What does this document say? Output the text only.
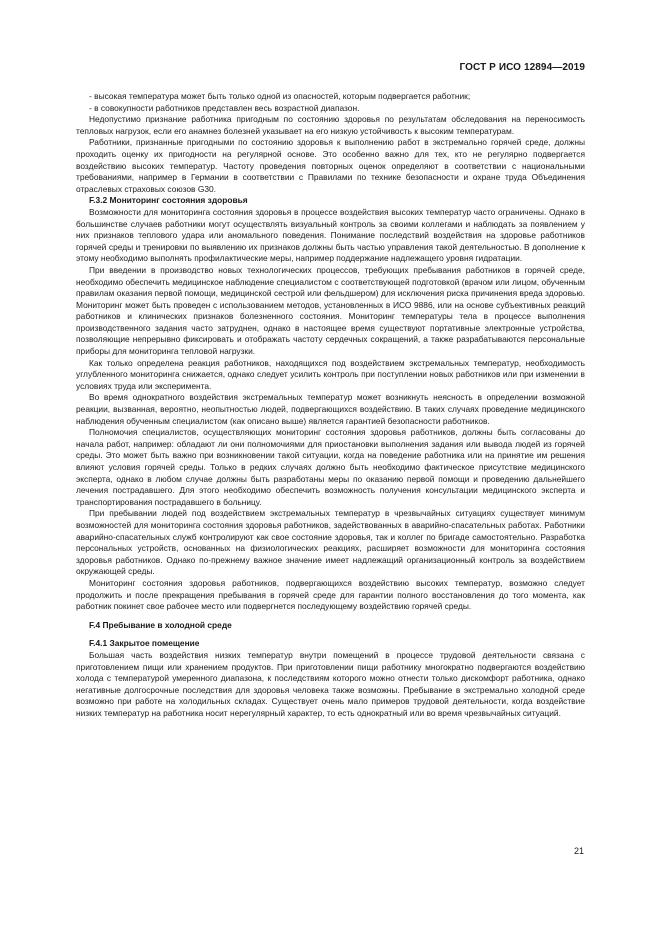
ГОСТ Р ИСО 12894—2019

- высокая температура может быть только одной из опасностей, которым подвергается работник;

- в совокупности работников представлен весь возрастной диапазон.

Недопустимо признание работника пригодным по состоянию здоровья по результатам обследования на переносимость тепловых нагрузок, если его анамнез болезней указывает на его низкую устойчивость к высоким температурам.

Работники, признанные пригодными по состоянию здоровья к выполнению работ в экстремально горячей среде, должны проходить оценку их пригодности на регулярной основе. Это особенно важно для тех, кто не регулярно подвергается воздействию высоких температур. Частоту проведения повторных оценок определяют в соответствии с национальными требованиями, например в Германии в соответствии с Правилами по технике безопасности и охране труда Объединения отраслевых страховых союзов G30.

F.3.2 Мониторинг состояния здоровья

Возможности для мониторинга состояния здоровья в процессе воздействия высоких температур часто ограничены. Однако в большинстве случаев работники могут осуществлять визуальный контроль за своими коллегами и наблюдать за появлением у них признаков теплового удара или аномального поведения. Понимание последствий воздействия на здоровье работников горячей среды и тренировки по выявлению их признаков должны быть частью управления такой деятельностью. В дополнение к этому необходимо выполнять профилактические меры, например поддержание надлежащего уровня гидратации.

При введении в производство новых технологических процессов, требующих пребывания работников в горячей среде, необходимо обеспечить медицинское наблюдение специалистом с соответствующей подготовкой (врачом или лицом, обученным правилам оказания первой помощи, медицинской сестрой или фельдшером) для исключения риска причинения вреда здоровью. Мониторинг может быть проведен с использованием методов, установленных в ИСО 9886, или на основе субъективных реакций работников и клинических признаков болезненного состояния. Мониторинг температуры тела в процессе выполнения производственного задания часто затруднен, однако в настоящее время существуют портативные электронные устройства, позволяющие непрерывно фиксировать и отображать частоту сердечных сокращений, а также разрабатываются персональные приборы для мониторинга тепловой нагрузки.

Как только определена реакция работников, находящихся под воздействием экстремальных температур, необходимость углубленного мониторинга снижается, однако следует усилить контроль при поступлении новых работников или при изменении в условиях труда или эксперимента.

Во время однократного воздействия экстремальных температур может возникнуть неясность в определении возможной реакции, вызванная, вероятно, неопытностью людей, подвергающихся воздействию. В таких случаях проведение медицинского наблюдения обученным специалистом (как описано выше) является гарантией безопасности работников.

Полномочия специалистов, осуществляющих мониторинг состояния здоровья работников, должны быть согласованы до начала работ, например: обладают ли они полномочиями для приостановки выполнения задания или вывода людей из горячей среды. Это может быть важно при возникновении такой ситуации, когда на поведение работника или на принятие им решения влияют условия горячей среды. Только в редких случаях должно быть необходимо фактическое присутствие медицинского эксперта, однако в любом случае должны быть разработаны меры по оказанию первой помощи и проведению дальнейшего лечения пострадавшего. Для этого необходимо обеспечить возможность получения консультации медицинского эксперта и транспортирования пострадавшего в больницу.

При пребывании людей под воздействием экстремальных температур в чрезвычайных ситуациях существует минимум возможностей для мониторинга состояния здоровья работников, задействованных в аварийно-спасательных работах. Работники аварийно-спасательных служб контролируют как свое состояние здоровья, так и коллег по бригаде самостоятельно. Разработка персональных устройств, основанных на физиологических реакциях, расширяет возможности для мониторинга состояния здоровья работников. Однако по-прежнему важное значение имеет надлежащий организационный контроль за воздействием окружающей среды.

Мониторинг состояния здоровья работников, подвергающихся воздействию высоких температур, возможно следует продолжить и после прекращения пребывания в горячей среде для гарантии полного восстановления до того момента, как работник покинет свое рабочее место или подвергнется последующему воздействию горячей среды.

F.4 Пребывание в холодной среде

F.4.1 Закрытое помещение

Большая часть воздействия низких температур внутри помещений в процессе трудовой деятельности связана с приготовлением пищи или хранением продуктов. При приготовлении пищи работнику многократно подвергаются воздействию холода с температурой умеренного диапазона, к последствиям которого можно отнести только дискомфорт работника, однако негативные долгосрочные последствия для здоровья человека также возможны. Пребывание в экстремально холодной среде возможно при работе на холодильных складах. Существует очень мало примеров трудовой деятельности, когда воздействие низких температур на работника носит нерегулярный характер, то есть однократный или во время чрезвычайных ситуаций.

21
